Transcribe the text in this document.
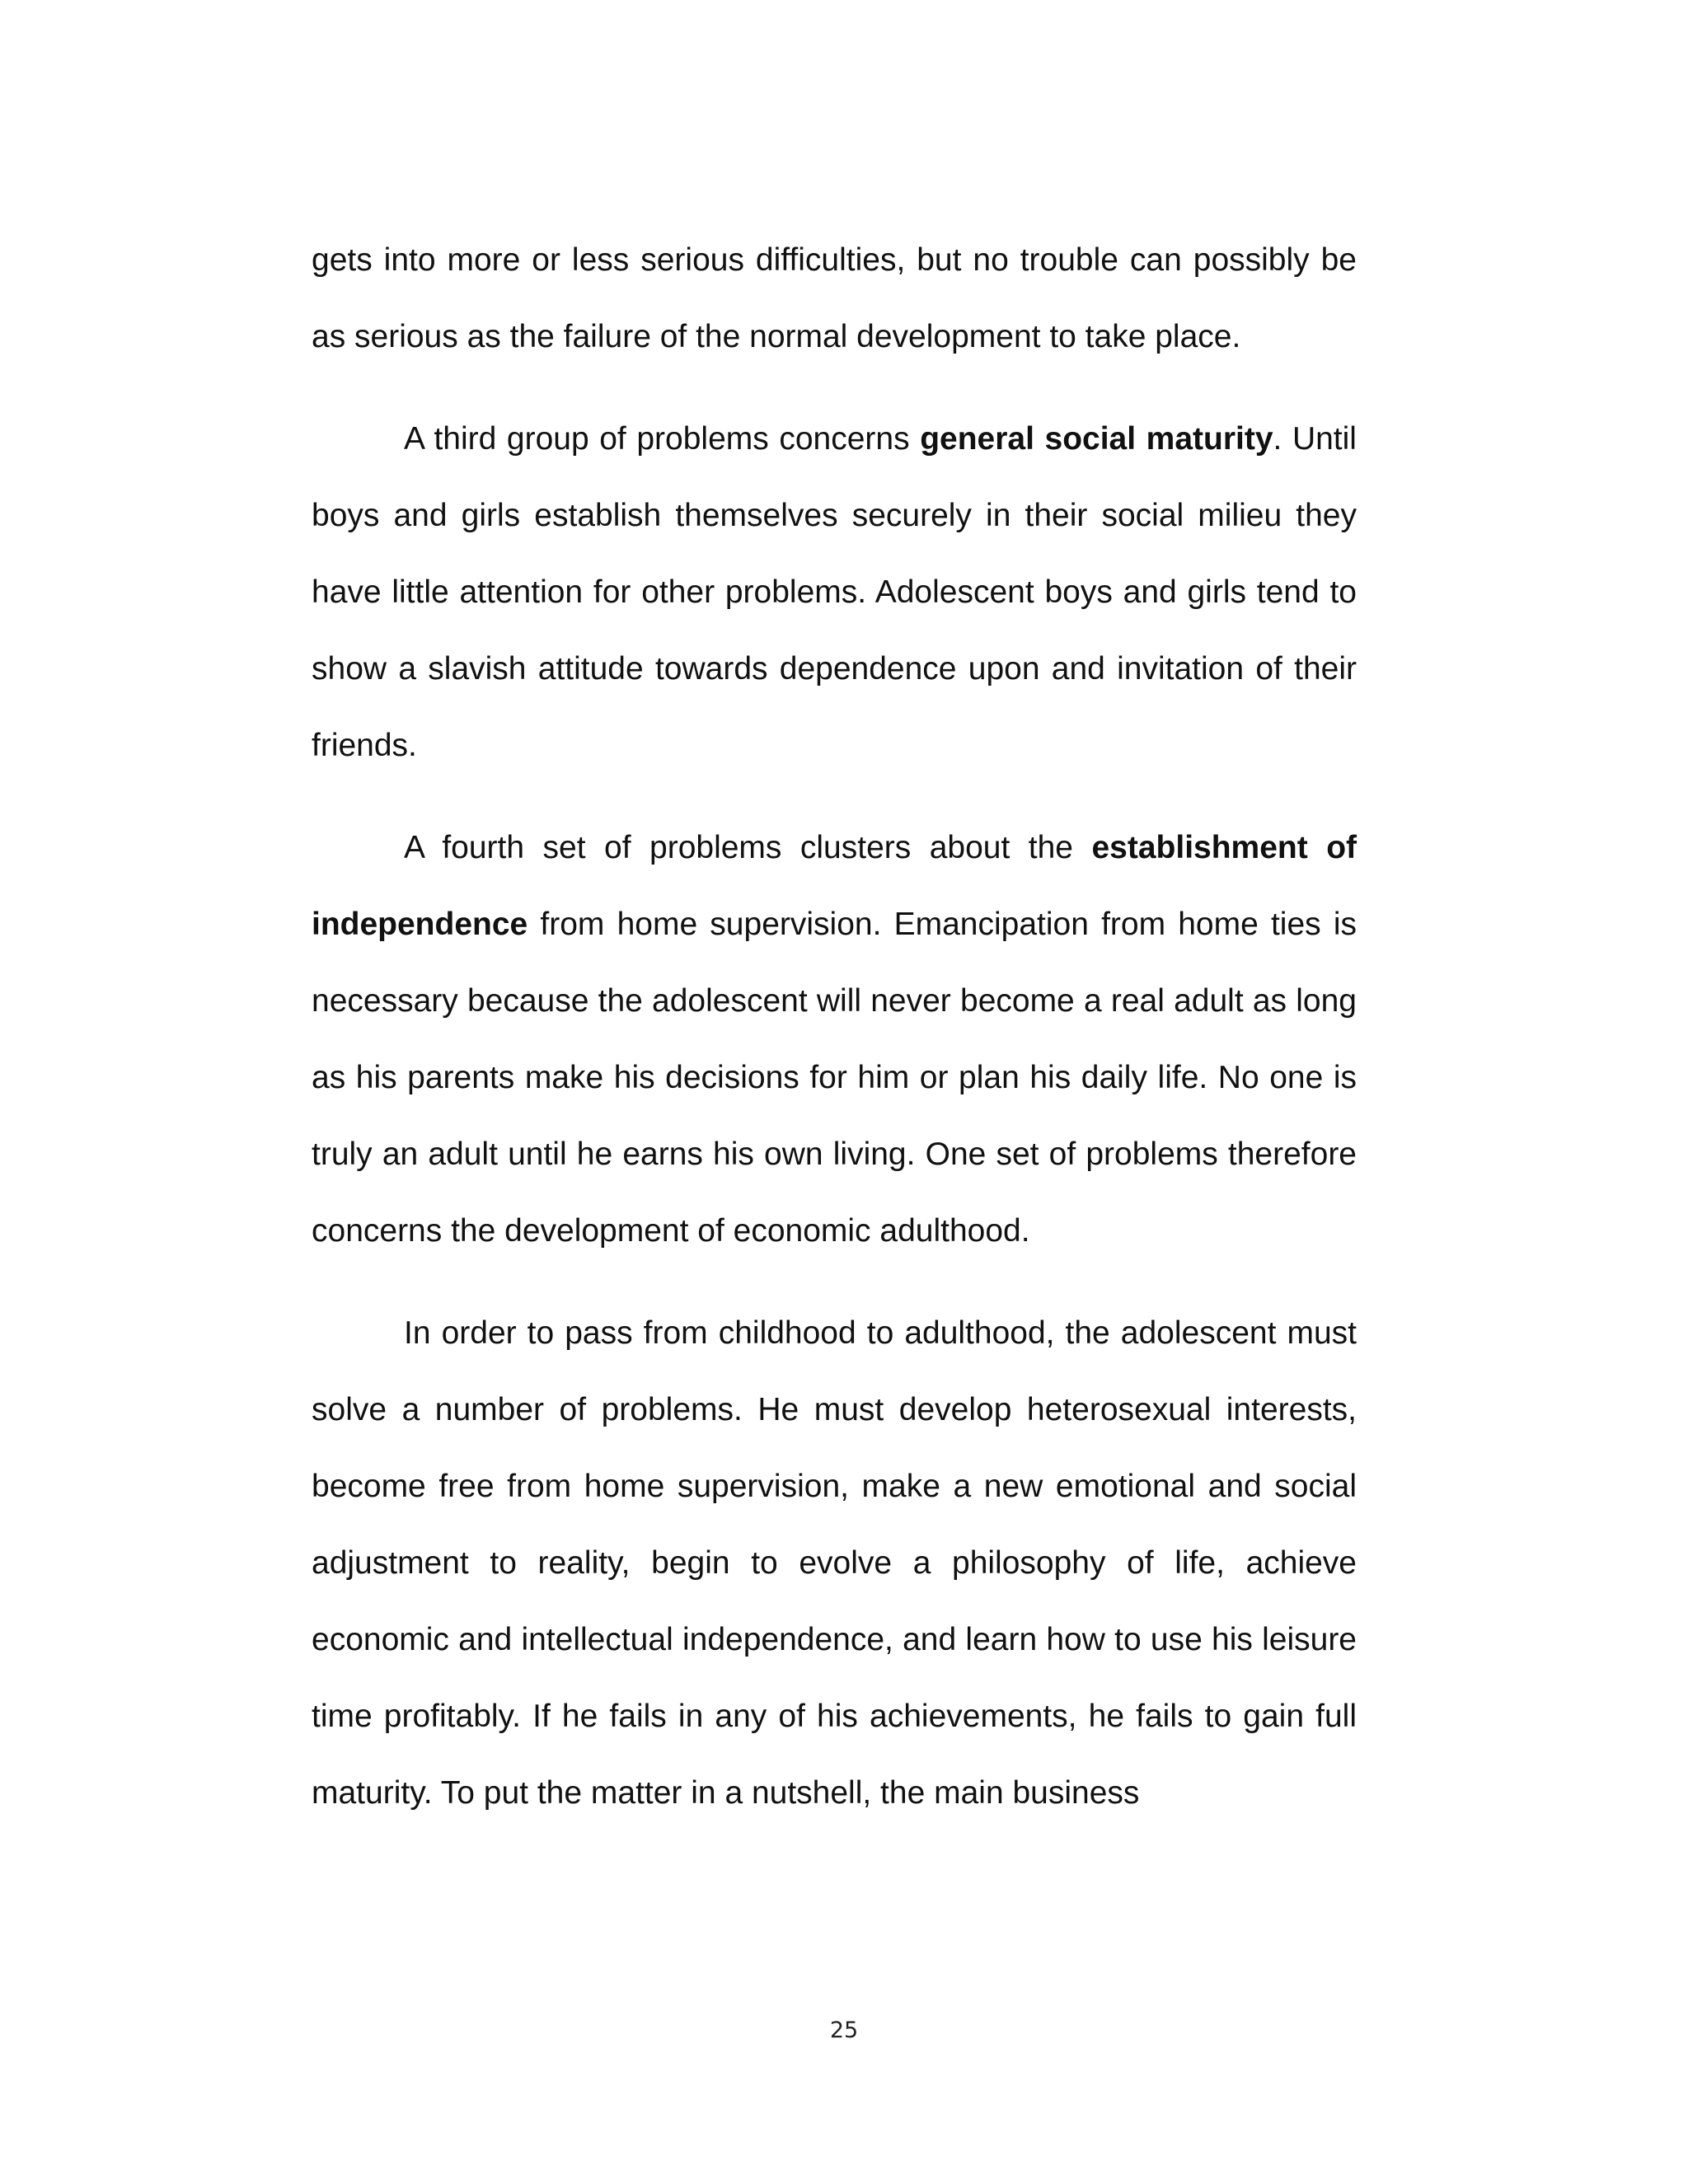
gets into more or less serious difficulties, but no trouble can possibly be as serious as the failure of the normal development to take place.

A third group of problems concerns general social maturity. Until boys and girls establish themselves securely in their social milieu they have little attention for other problems. Adolescent boys and girls tend to show a slavish attitude towards dependence upon and invitation of their friends.

A fourth set of problems clusters about the establishment of independence from home supervision. Emancipation from home ties is necessary because the adolescent will never become a real adult as long as his parents make his decisions for him or plan his daily life. No one is truly an adult until he earns his own living. One set of problems therefore concerns the development of economic adulthood.

In order to pass from childhood to adulthood, the adolescent must solve a number of problems. He must develop heterosexual interests, become free from home supervision, make a new emotional and social adjustment to reality, begin to evolve a philosophy of life, achieve economic and intellectual independence, and learn how to use his leisure time profitably. If he fails in any of his achievements, he fails to gain full maturity. To put the matter in a nutshell, the main business

25
